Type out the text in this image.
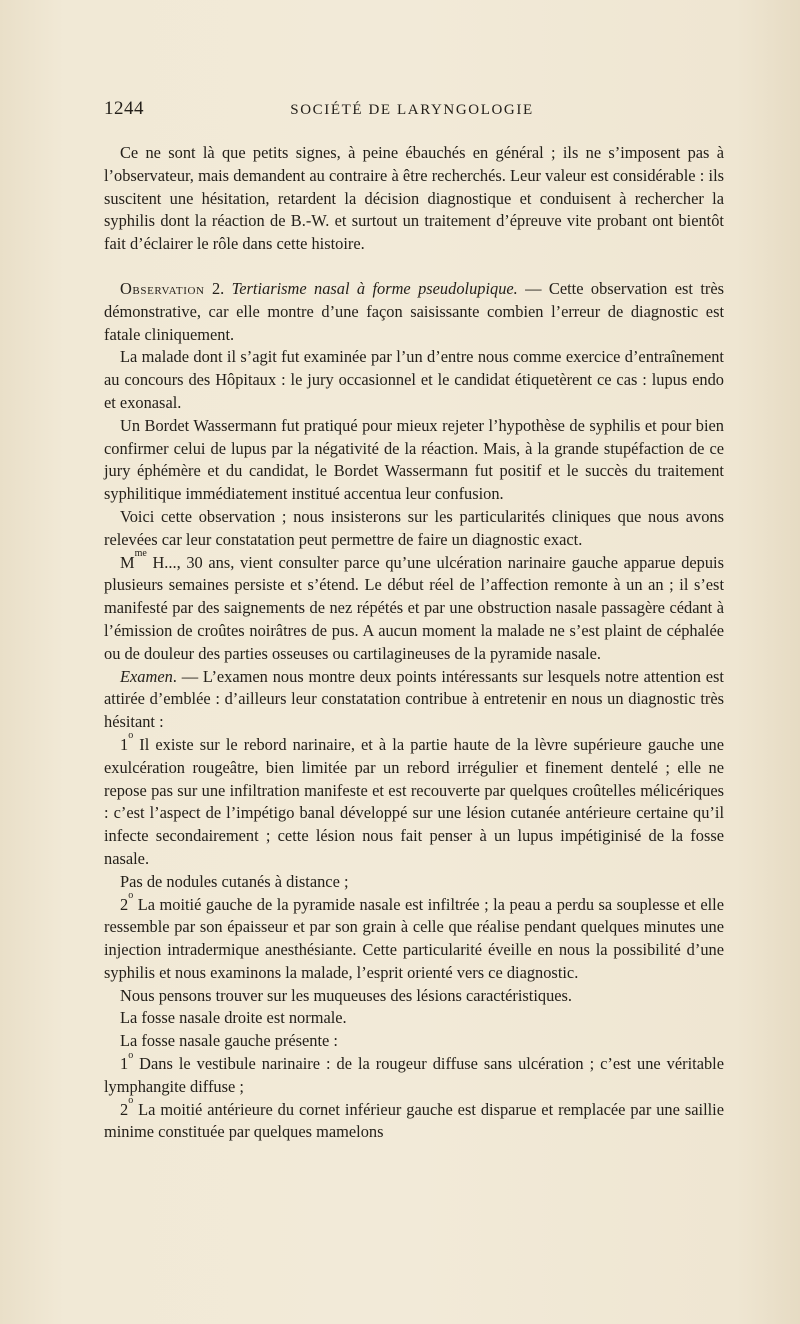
1244	SOCIÉTÉ DE LARYNGOLOGIE

Ce ne sont là que petits signes, à peine ébauchés en général ; ils ne s’imposent pas à l’observateur, mais demandent au contraire à être recherchés. Leur valeur est considérable : ils suscitent une hésitation, retardent la décision diagnostique et conduisent à rechercher la syphilis dont la réaction de B.-W. et surtout un traitement d’épreuve vite probant ont bientôt fait d’éclairer le rôle dans cette histoire.

Observation 2. Tertiarisme nasal à forme pseudolupique. — Cette observation est très démonstrative, car elle montre d’une façon saisissante combien l’erreur de diagnostic est fatale cliniquement.

La malade dont il s’agit fut examinée par l’un d’entre nous comme exercice d’entraînement au concours des Hôpitaux : le jury occasionnel et le candidat étiquetèrent ce cas : lupus endo et exonasal.

Un Bordet Wassermann fut pratiqué pour mieux rejeter l’hypothèse de syphilis et pour bien confirmer celui de lupus par la négativité de la réaction. Mais, à la grande stupéfaction de ce jury éphémère et du candidat, le Bordet Wassermann fut positif et le succès du traitement syphilitique immédiatement institué accentua leur confusion.

Voici cette observation ; nous insisterons sur les particularités cliniques que nous avons relevées car leur constatation peut permettre de faire un diagnostic exact.

$M^{me}$ H..., 30 ans, vient consulter parce qu’une ulcération narinaire gauche apparue depuis plusieurs semaines persiste et s’étend. Le début réel de l’affection remonte à un an ; il s’est manifesté par des saignements de nez répétés et par une obstruction nasale passagère cédant à l’émission de croûtes noirâtres de pus. A aucun moment la malade ne s’est plaint de céphalée ou de douleur des parties osseuses ou cartilagineuses de la pyramide nasale.

Examen. — L’examen nous montre deux points intéressants sur lesquels notre attention est attirée d’emblée : d’ailleurs leur constatation contribue à entretenir en nous un diagnostic très hésitant :

1$^o$ Il existe sur le rebord narinaire, et à la partie haute de la lèvre supérieure gauche une exulcération rougeâtre, bien limitée par un rebord irrégulier et finement dentelé ; elle ne repose pas sur une infiltration manifeste et est recouverte par quelques croûtelles mélicériques : c’est l’aspect de l’impétigo banal développé sur une lésion cutanée antérieure certaine qu’il infecte secondairement ; cette lésion nous fait penser à un lupus impétiginisé de la fosse nasale.

Pas de nodules cutanés à distance ;

2$^o$ La moitié gauche de la pyramide nasale est infiltrée ; la peau a perdu sa souplesse et elle ressemble par son épaisseur et par son grain à celle que réalise pendant quelques minutes une injection intradermique anesthésiante. Cette particularité éveille en nous la possibilité d’une syphilis et nous examinons la malade, l’esprit orienté vers ce diagnostic.

Nous pensons trouver sur les muqueuses des lésions caractéristiques.

La fosse nasale droite est normale.

La fosse nasale gauche présente :

1$^o$ Dans le vestibule narinaire : de la rougeur diffuse sans ulcération ; c’est une véritable lymphangite diffuse ;

2$^o$ La moitié antérieure du cornet inférieur gauche est disparue et remplacée par une saillie minime constituée par quelques mamelons
